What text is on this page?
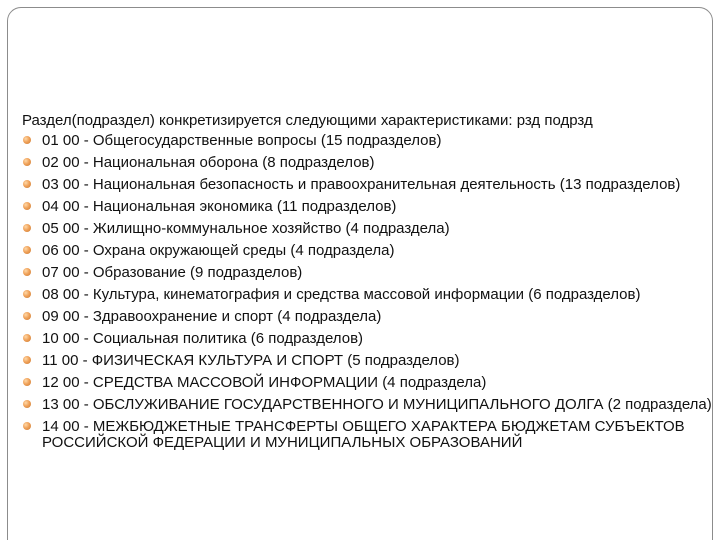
Раздел(подраздел) конкретизируется следующими характеристиками: рзд подрзд

01 00 - Общегосударственные вопросы (15 подразделов)
02 00 - Национальная оборона (8 подразделов)
03 00 - Национальная безопасность и правоохранительная деятельность (13 подразделов)
04 00 - Национальная экономика (11 подразделов)
05 00 - Жилищно-коммунальное хозяйство (4 подраздела)
06 00 - Охрана окружающей среды (4 подраздела)
07 00 - Образование (9 подразделов)
08 00 - Культура, кинематография и средства массовой информации (6 подразделов)
09 00 - Здравоохранение и спорт (4 подраздела)
10 00 - Социальная политика (6 подразделов)
11 00 - ФИЗИЧЕСКАЯ КУЛЬТУРА И СПОРТ (5 подразделов)
12 00 - СРЕДСТВА МАССОВОЙ ИНФОРМАЦИИ (4 подраздела)
13 00 - ОБСЛУЖИВАНИЕ ГОСУДАРСТВЕННОГО И МУНИЦИПАЛЬНОГО ДОЛГА (2 подраздела)
14 00 - МЕЖБЮДЖЕТНЫЕ ТРАНСФЕРТЫ ОБЩЕГО ХАРАКТЕРА БЮДЖЕТАМ СУБЪЕКТОВ РОССИЙСКОЙ ФЕДЕРАЦИИ И МУНИЦИПАЛЬНЫХ ОБРАЗОВАНИЙ
